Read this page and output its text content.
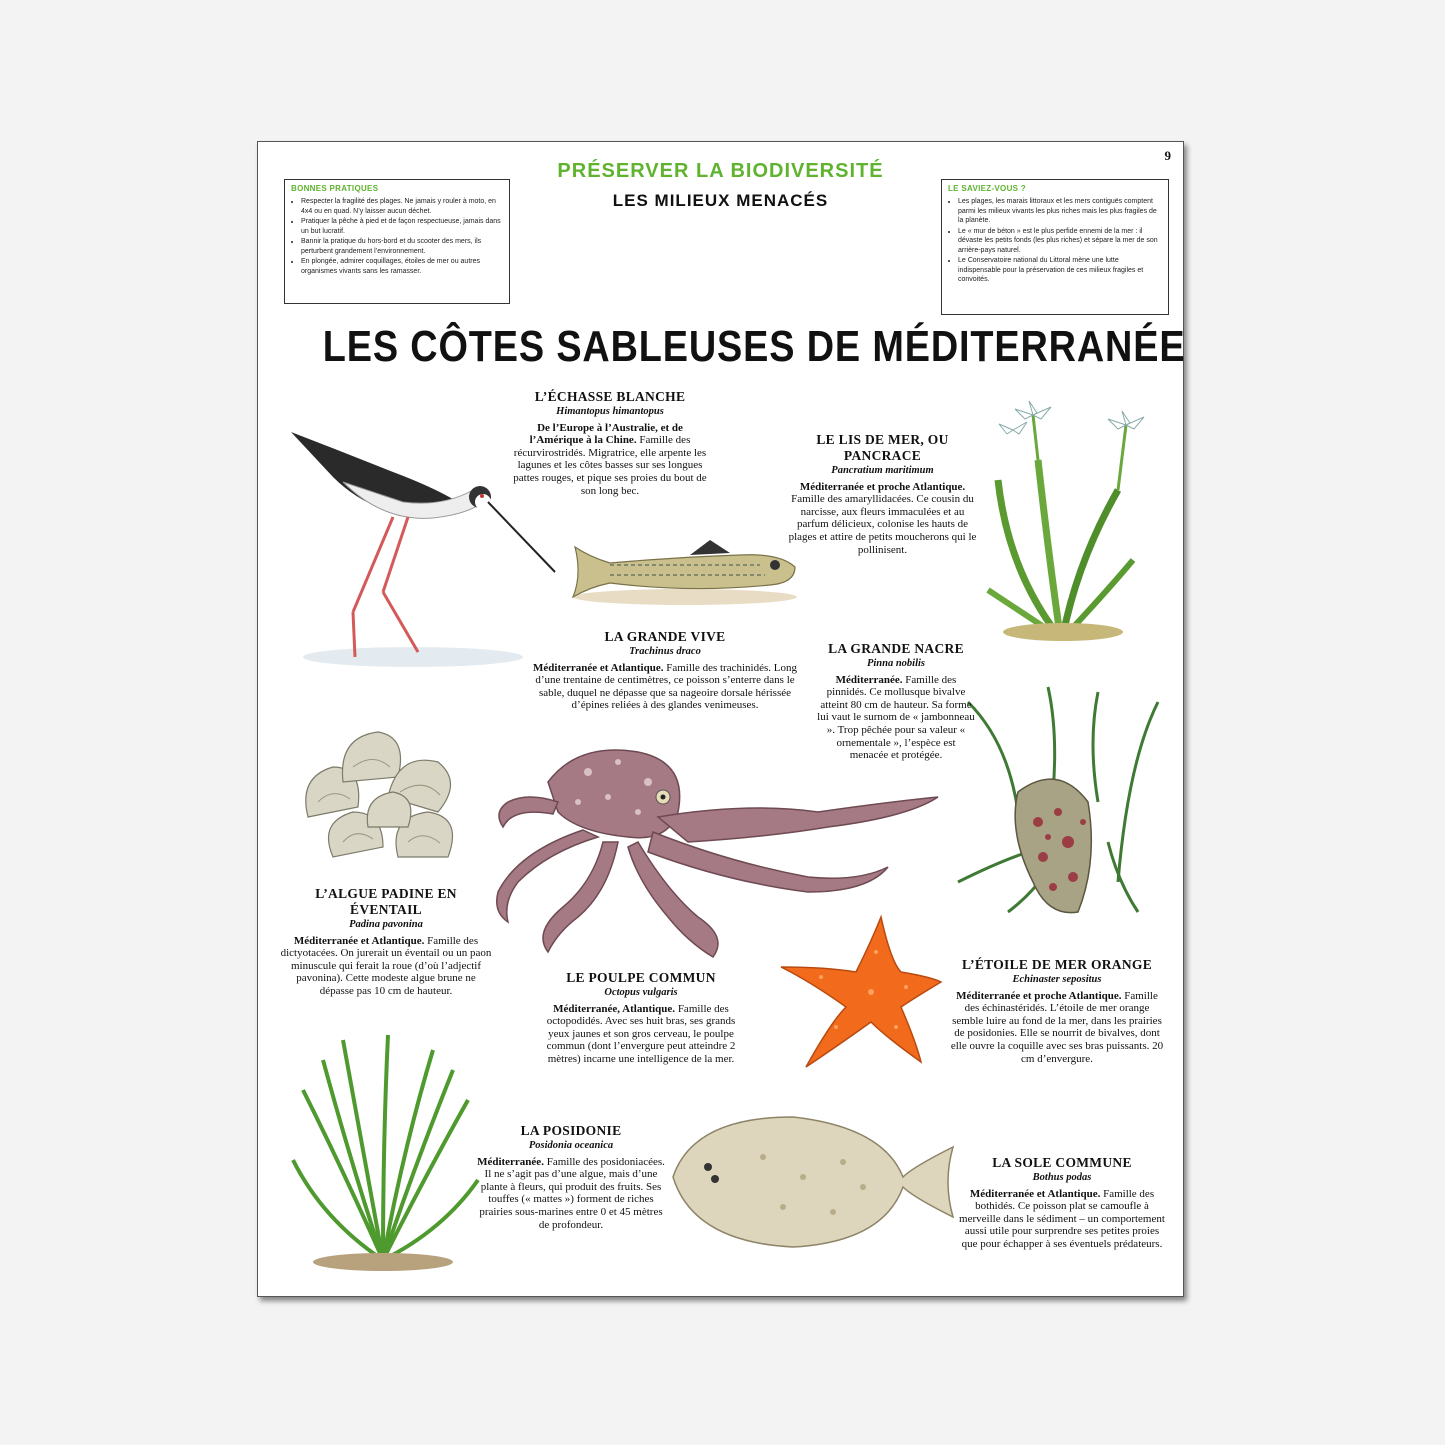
9
PRÉSERVER LA BIODIVERSITÉ
LES MILIEUX MENACÉS
BONNES PRATIQUES
• Respecter la fragilité des plages. Ne jamais y rouler à moto, en 4x4 ou en quad. N’y laisser aucun déchet.
• Pratiquer la pêche à pied et de façon respectueuse, jamais dans un but lucratif.
• Bannir la pratique du hors-bord et du scooter des mers, ils perturbent grandement l’environnement.
• En plongée, admirer coquillages, étoiles de mer ou autres organismes vivants sans les ramasser.
LE SAVIEZ-VOUS ?
• Les plages, les marais littoraux et les mers contiguës comptent parmi les milieux vivants les plus riches mais les plus fragiles de la planète.
• Le « mur de béton » est le plus perfide ennemi de la mer : il dévaste les petits fonds (les plus riches) et sépare la mer de son arrière-pays naturel.
• Le Conservatoire national du Littoral mène une lutte indispensable pour la préservation de ces milieux fragiles et convoités.
LES CÔTES SABLEUSES DE MÉDITERRANÉE
L’ÉCHASSE BLANCHE
Himantopus himantopus
De l’Europe à l’Australie, et de l’Amérique à la Chine. Famille des récurvirostridés. Migratrice, elle arpente les lagunes et les côtes basses sur ses longues pattes rouges, et pique ses proies du bout de son long bec.
LE LIS DE MER, OU PANCRACE
Pancratium maritimum
Méditerranée et proche Atlantique. Famille des amaryllidacées. Ce cousin du narcisse, aux fleurs immaculées et au parfum délicieux, colonise les hauts de plages et attire de petits moucherons qui le pollinisent.
LA GRANDE VIVE
Trachinus draco
Méditerranée et Atlantique. Famille des trachinidés. Long d’une trentaine de centimètres, ce poisson s’enterre dans le sable, duquel ne dépasse que sa nageoire dorsale hérissée d’épines reliées à des glandes venimeuses.
LA GRANDE NACRE
Pinna nobilis
Méditerranée. Famille des pinnidés. Ce mollusque bivalve atteint 80 cm de hauteur. Sa forme lui vaut le surnom de « jambonneau ». Trop pêchée pour sa valeur « ornementale », l’espèce est menacée et protégée.
L’ALGUE PADINE EN ÉVENTAIL
Padina pavonina
Méditerranée et Atlantique. Famille des dictyotacées. On jurerait un éventail ou un paon minuscule qui ferait la roue (d’où l’adjectif pavonina). Cette modeste algue brune ne dépasse pas 10 cm de hauteur.
LE POULPE COMMUN
Octopus vulgaris
Méditerranée, Atlantique. Famille des octopodidés. Avec ses huit bras, ses grands yeux jaunes et son gros cerveau, le poulpe commun (dont l’envergure peut atteindre 2 mètres) incarne une intelligence de la mer.
L’ÉTOILE DE MER ORANGE
Echinaster sepositus
Méditerranée et proche Atlantique. Famille des échinastéridés. L’étoile de mer orange semble luire au fond de la mer, dans les prairies de posidonies. Elle se nourrit de bivalves, dont elle ouvre la coquille avec ses bras puissants. 20 cm d’envergure.
LA POSIDONIE
Posidonia oceanica
Méditerranée. Famille des posidoniacées. Il ne s’agit pas d’une algue, mais d’une plante à fleurs, qui produit des fruits. Ses touffes (« mattes ») forment de riches prairies sous-marines entre 0 et 45 mètres de profondeur.
LA SOLE COMMUNE
Bothus podas
Méditerranée et Atlantique. Famille des bothidés. Ce poisson plat se camoufle à merveille dans le sédiment – un comportement aussi utile pour surprendre ses petites proies que pour échapper à ses éventuels prédateurs.
